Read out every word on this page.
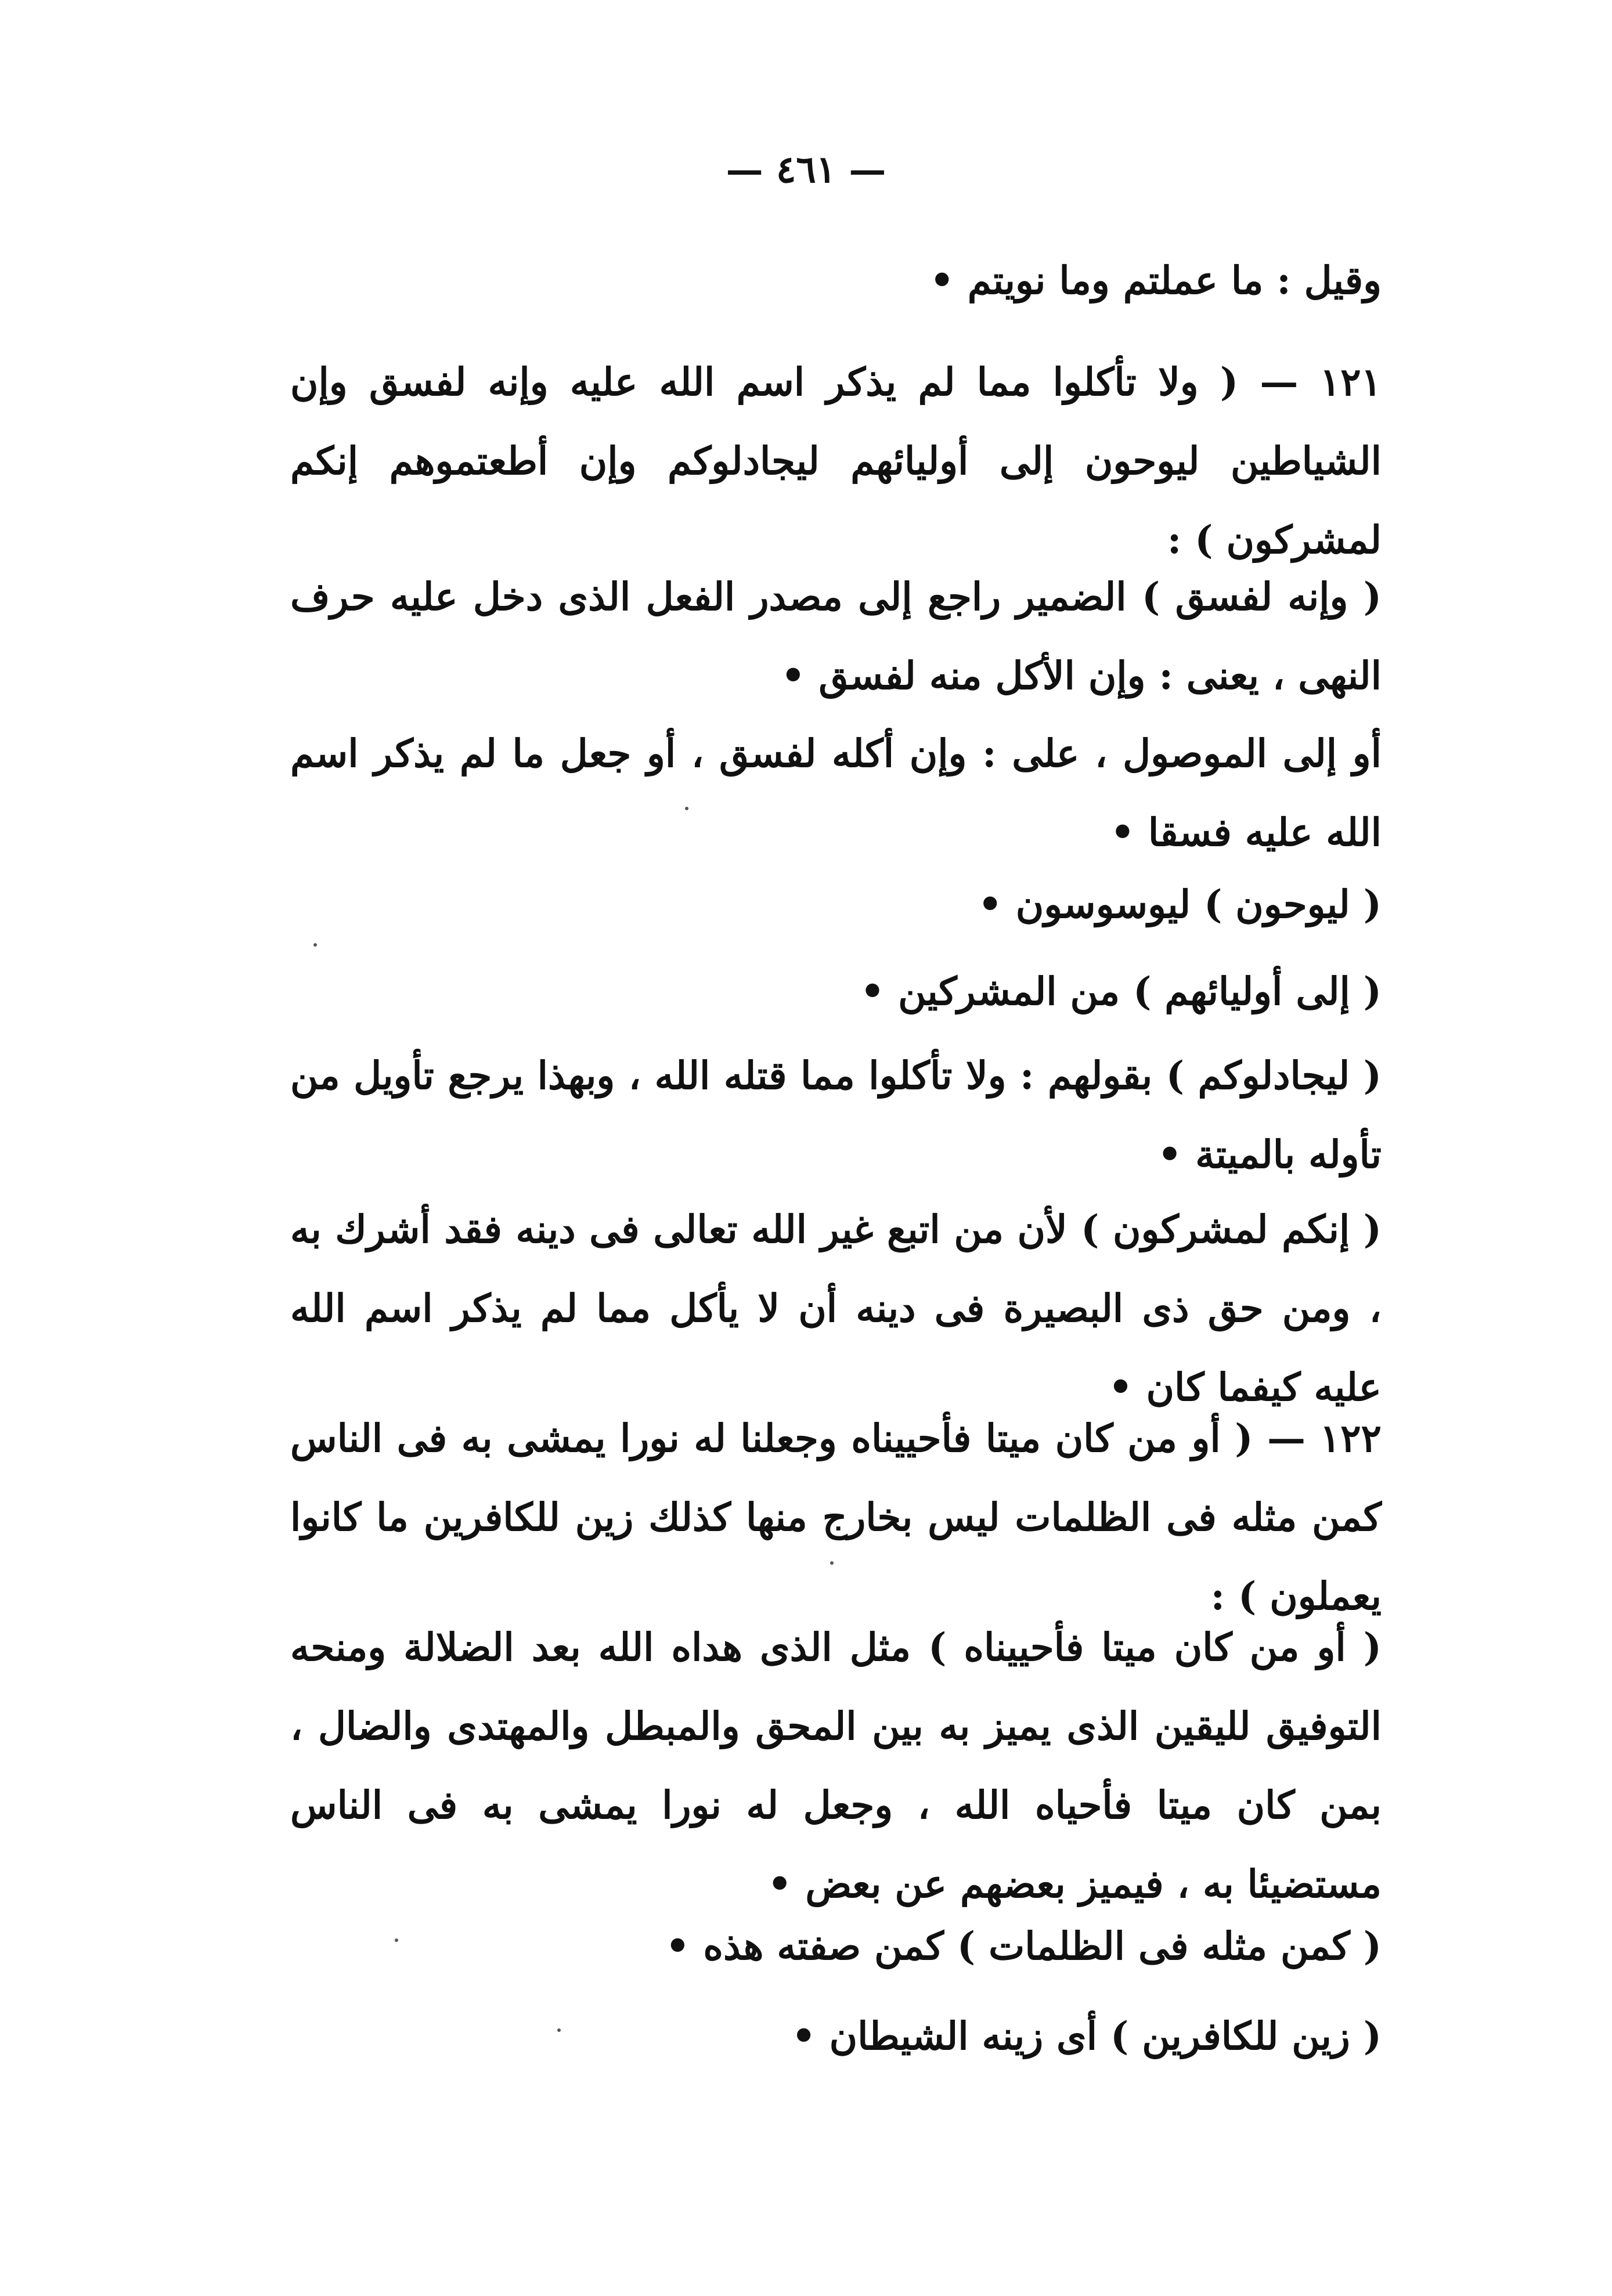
— ٤٦١ —
وقيل : ما عملتم وما نويتم •
١٢١ — ( ولا تأكلوا مما لم يذكر اسم الله عليه وإنه لفسق وإن الشياطين ليوحون إلى أوليائهم ليجادلوكم وإن أطعتموهم إنكم لمشركون ) :
( وإنه لفسق ) الضمير راجع إلى مصدر الفعل الذى دخل عليه حرف النهى ، يعنى : وإن الأكل منه لفسق •
أو إلى الموصول ، على : وإن أكله لفسق ، أو جعل ما لم يذكر اسم الله عليه فسقا •
( ليوحون ) ليوسوسون •
( إلى أوليائهم ) من المشركين •
( ليجادلوكم ) بقولهم : ولا تأكلوا مما قتله الله ، وبهذا يرجع تأويل من تأوله بالميتة •
( إنكم لمشركون ) لأن من اتبع غير الله تعالى فى دينه فقد أشرك به ، ومن حق ذى البصيرة فى دينه أن لا يأكل مما لم يذكر اسم الله عليه كيفما كان •
١٢٢ — ( أو من كان ميتا فأحييناه وجعلنا له نورا يمشى به فى الناس كمن مثله فى الظلمات ليس بخارج منها كذلك زين للكافرين ما كانوا يعملون ) :
( أو من كان ميتا فأحييناه ) مثل الذى هداه الله بعد الضلالة ومنحه التوفيق لليقين الذى يميز به بين المحق والمبطل والمهتدى والضال ، بمن كان ميتا فأحياه الله ، وجعل له نورا يمشى به فى الناس مستضيئا به ، فيميز بعضهم عن بعض •
( كمن مثله فى الظلمات ) كمن صفته هذه •
( زين للكافرين ) أى زينه الشيطان •
